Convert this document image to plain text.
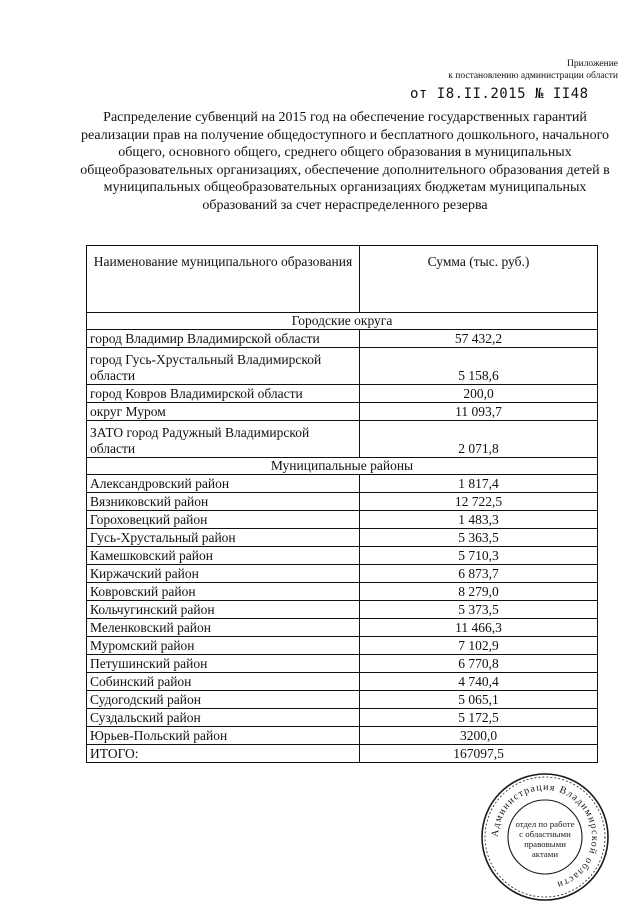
Приложение
к постановлению администрации области
от I8.II.2015 № II48
Распределение субвенций на 2015 год на обеспечение государственных гарантий реализации прав на получение общедоступного и бесплатного дошкольного, начального общего, основного общего, среднего общего образования в муниципальных общеобразовательных организациях, обеспечение дополнительного образования детей в муниципальных общеобразовательных организациях бюджетам муниципальных образований за счет нераспределенного резерва
Наименование муниципального образования	Сумма (тыс. руб.)
Городские округа	
город Владимир Владимирской области	57 432,2
город Гусь-Хрустальный Владимирской области	5 158,6
город Ковров Владимирской области	200,0
округ Муром	11 093,7
ЗАТО город Радужный Владимирской области	2 071,8
Муниципальные районы	
Александровский район	1 817,4
Вязниковский район	12 722,5
Гороховецкий район	1 483,3
Гусь-Хрустальный район	5 363,5
Камешковский район	5 710,3
Киржачский район	6 873,7
Ковровский район	8 279,0
Кольчугинский район	5 373,5
Меленковский район	11 466,3
Муромский район	7 102,9
Петушинский район	6 770,8
Собинский район	4 740,4
Судогодский район	5 065,1
Суздальский район	5 172,5
Юрьев-Польский район	3200,0
ИТОГО:	167097,5
Администрация Владимирской области
отдел по работе
с областными
правовыми
актами
